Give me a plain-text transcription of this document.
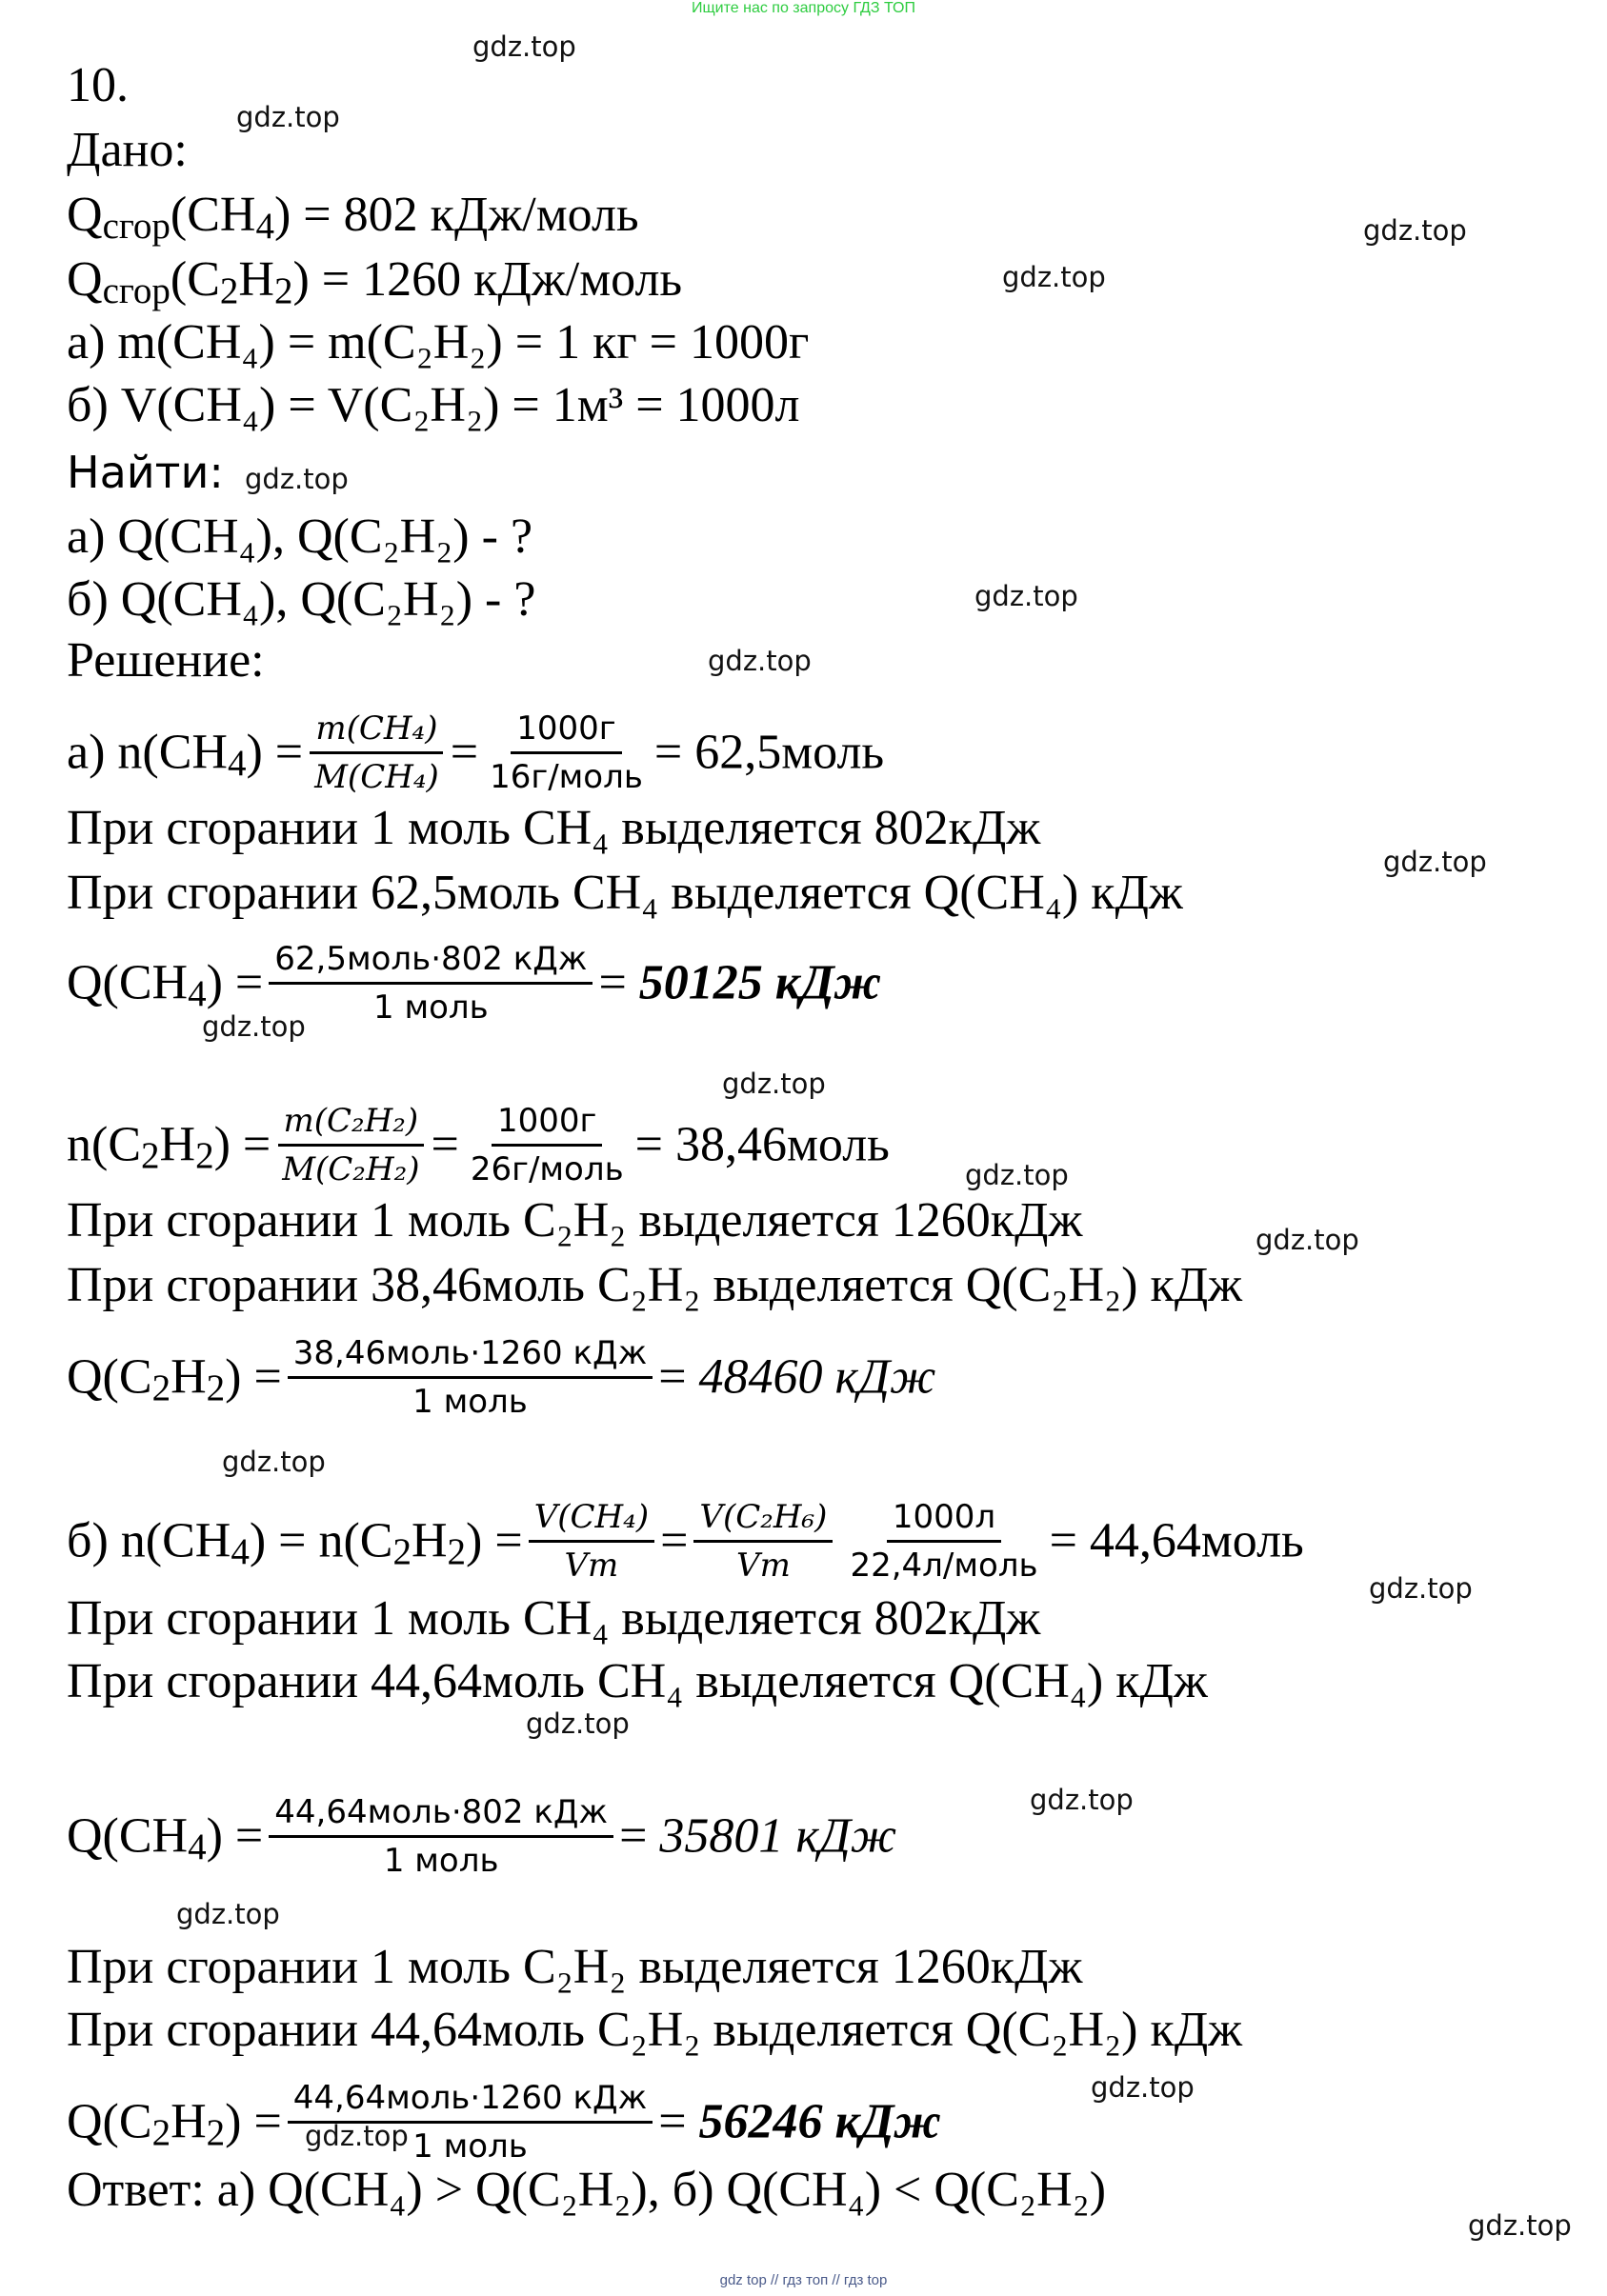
Ищите нас по запросу ГДЗ ТОП
gdz.top
gdz.top
gdz.top
gdz.top
gdz.top
gdz.top
gdz.top
gdz.top
gdz.top
gdz.top
gdz.top
gdz.top
gdz.top
gdz.top
gdz.top
gdz.top
gdz.top
gdz.top
gdz.top
gdz.top
10.
Дано:
$Q_{сгор}(CH_4) = 802$ кДж/моль
$Q_{сгор}(C_2H_2) = 1260$ кДж/моль
а) m(CH₄) = m(C₂H₂) = 1 кг = 1000г
б) V(CH₄) = V(C₂H₂) = 1м³ = 1000л
Найти:
а) Q(CH₄), Q(C₂H₂) - ?
б) Q(CH₄), Q(C₂H₂) - ?
Решение:
а) $n(CH_4) = \frac{\text{m(CH₄)}}{\text{M(CH₄)}} = \frac{1000г}{\text{16г/моль}}$ = 62,5моль
При сгорании 1 моль CH₄ выделяется 802кДж
При сгорании 62,5моль CH₄ выделяется Q(CH₄) кДж
$Q(CH_4) = \frac{\text{62,5моль·802 кДж}}{\text{1 моль}} = 50125$ кДж
$n(C_2H_2) = \frac{\text{m(C₂H₂)}}{\text{M(C₂H₂)}} = \frac{1000г}{\text{26г/моль}}$ = 38,46моль
При сгорании 1 моль C₂H₂ выделяется 1260кДж
При сгорании 38,46моль C₂H₂ выделяется Q(C₂H₂) кДж
$Q(C_2H_2) = \frac{\text{38,46моль·1260 кДж}}{\text{1 моль}} = 48460$ кДж
б) $n(CH_4) = n(C_2H_2) = \frac{\text{V(CH₄)}}{Vm} = \frac{\text{V(C₂H₆)}}{Vm} \frac{1000л}{\text{22,4л/моль}}$ = 44,64моль
При сгорании 1 моль CH₄ выделяется 802кДж
При сгорании 44,64моль CH₄ выделяется Q(CH₄) кДж
$Q(CH_4) = \frac{\text{44,64моль·802 кДж}}{\text{1 моль}} = 35801$ кДж
При сгорании 1 моль C₂H₂ выделяется 1260кДж
При сгорании 44,64моль C₂H₂ выделяется Q(C₂H₂) кДж
$Q(C_2H_2) = \frac{\text{44,64моль·1260 кДж}}{\text{1 моль}} = 56246$ кДж
Ответ: а) Q(CH₄) > Q(C₂H₂), б) Q(CH₄) < Q(C₂H₂)
gdz top // гдз топ // гдз top
